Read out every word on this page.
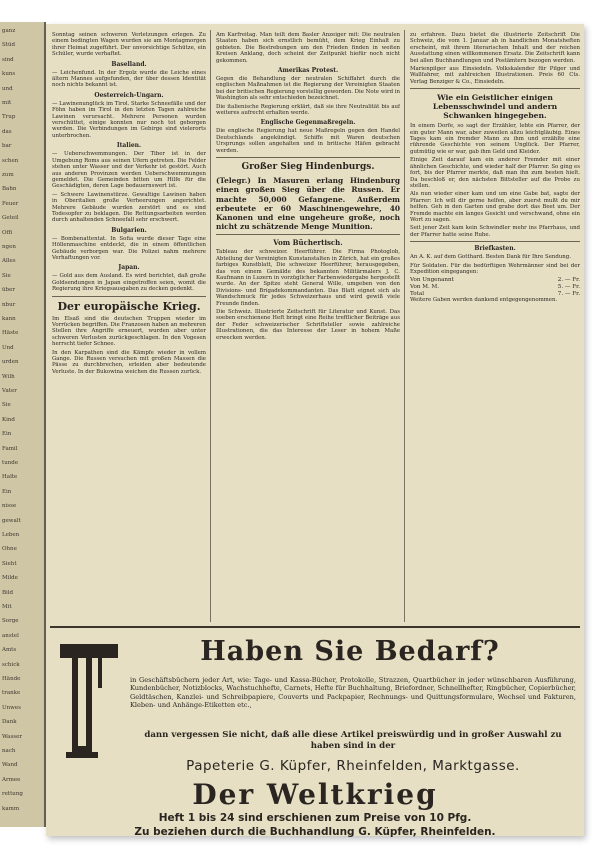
ganz
Stüd
sind
kuns
und
mit
Trup
das
bar
schen
zum
Bahn
Feuer
Geteil
Offi
ngen
Alles
Sie
über
nbur
kann
Häste
Und
urden
Wilh
Vater
Sie
Kind
Ein
Famil
tunde
Halte
Ein
nisse
gewalt
Leben
Ohne
Sieht
Milde
Bild
Mit
Sorge
anstel
Amts
schick
Hände
tranke
Unwes
Dank
Wasser
nach
Wand
Armee
rettung
kamm

Sonntag seinen schweren Verletzungen erlegen. Zu einem bedingten Wagen wurden sie am Montagmorgen ihrer Heimat zugeführt. Der unvorsichtige Schütze, ein Schüler, wurde verhaftet.

Baselland.

— Leichenfund. In der Ergolz wurde die Leiche eines ältern Mannes aufgefunden, der über dessen Identität noch nichts bekannt ist.

Oesterreich-Ungarn.

— Lawinenunglück im Tirol. Starke Schneefälle und der Föhn haben im Tirol in den letzten Tagen zahlreiche Lawinen verursacht. Mehrere Personen wurden verschüttet, einige konnten nur noch tot geborgen werden. Die Verbindungen im Gebirge sind vielerorts unterbrochen.

Italien.

— Ueberschwemmungen. Der Tiber ist in der Umgebung Roms aus seinen Ufern getreten. Die Felder stehen unter Wasser und der Verkehr ist gestört. Auch aus anderen Provinzen werden Ueberschwemmungen gemeldet. Die Gemeinden bitten um Hilfe für die Geschädigten, deren Lage bedauernswert ist.

— Schwere Lawinenstürze. Gewaltige Lawinen haben in Oberitalien große Verheerungen angerichtet. Mehrere Gebäude wurden zerstört und es sind Todesopfer zu beklagen. Die Rettungsarbeiten werden durch anhaltenden Schneefall sehr erschwert.

Bulgarien.

— Bombenattentat. In Sofia wurde dieser Tage eine Höllenmaschine entdeckt, die in einem öffentlichen Gebäude verborgen war. Die Polizei nahm mehrere Verhaftungen vor.

Japan.

— Gold aus dem Ausland. Es wird berichtet, daß große Goldsendungen in Japan eingetroffen seien, womit die Regierung ihre Kriegsausgaben zu decken gedenkt.

Der europäische Krieg.

Im Elsaß sind die deutschen Truppen wieder im Vorrücken begriffen. Die Franzosen haben an mehreren Stellen ihre Angriffe erneuert, wurden aber unter schweren Verlusten zurückgeschlagen. In den Vogesen herrscht tiefer Schnee.

In den Karpathen sind die Kämpfe wieder in vollem Gange. Die Russen versuchen mit großen Massen die Pässe zu durchbrechen, erleiden aber bedeutende Verluste. In der Bukowina weichen die Russen zurück.

Am Karfreitag. Man teilt dem Basler Anzeiger mit: Die neutralen Staaten haben sich ernstlich bemüht, dem Krieg Einhalt zu gebieten. Die Bestrebungen um den Frieden finden in weiten Kreisen Anklang, doch scheint der Zeitpunkt hiefür noch nicht gekommen.

Amerikas Protest.

Gegen die Behandlung der neutralen Schiffahrt durch die englischen Maßnahmen ist die Regierung der Vereinigten Staaten bei der britischen Regierung vorstellig geworden. Die Note wird in Washington als sehr entschieden bezeichnet.

Die italienische Regierung erklärt, daß sie ihre Neutralität bis auf weiteres aufrecht erhalten werde.

Englische Gegenmaßregeln.

Die englische Regierung hat neue Maßregeln gegen den Handel Deutschlands angekündigt. Schiffe mit Waren deutschen Ursprungs sollen angehalten und in britische Häfen gebracht werden.

Großer Sieg Hindenburgs.

(Telegr.) In Masuren erlang Hindenburg einen großen Sieg über die Russen. Er machte 50,000 Gefangene. Außerdem erbeutete er 60 Maschinengewehre, 40 Kanonen und eine ungeheure große, noch nicht zu schätzende Menge Munition.

Vom Büchertisch.

Tableau der schweizer. Heerführer. Die Firma Photoglob, Abteilung der Vereinigten Kunstanstalten in Zürich, hat ein großes farbiges Kunstblatt, Die schweizer Heerführer, herausgegeben, das von einem Gemälde des bekannten Militärmalers J. C. Kaufmann in Luzern in vorzüglicher Farbenwiedergabe hergestellt wurde. An der Spitze steht General Wille, umgeben von den Divisions- und Brigadekommandanten. Das Blatt eignet sich als Wandschmuck für jedes Schweizerhaus und wird gewiß viele Freunde finden.

Die Schweiz. Illustrierte Zeitschrift für Literatur und Kunst. Das soeben erschienene Heft bringt eine Reihe trefflicher Beiträge aus der Feder schweizerischer Schriftsteller sowie zahlreiche Illustrationen, die das Interesse der Leser in hohem Maße erwecken werden.

zu erfahren. Dazu bietet die illustrierte Zeitschrift Die Schweiz, die vom 1. Januar ab in handlichen Monatsheften erscheint, mit ihrem literarischen Inhalt und der reichen Ausstattung einen willkommenen Ersatz. Die Zeitschrift kann bei allen Buchhandlungen und Postämtern bezogen werden.

Marienpilger aus Einsiedeln. Volkskalender für Pilger und Wallfahrer, mit zahlreichen Illustrationen. Preis 60 Cts. Verlag Benziger & Co., Einsiedeln.

Wie ein Geistlicher einigen Lebensschwindel und andern Schwanken hingegeben.

In einem Dorfe, so sagt der Erzähler, lebte ein Pfarrer, der ein guter Mann war, aber zuweilen allzu leichtgläubig. Eines Tages kam ein fremder Mann zu ihm und erzählte eine rührende Geschichte von seinem Unglück. Der Pfarrer, gutmütig wie er war, gab ihm Geld und Kleider.

Einige Zeit darauf kam ein anderer Fremder mit einer ähnlichen Geschichte, und wieder half der Pfarrer. So ging es fort, bis der Pfarrer merkte, daß man ihn zum besten hielt. Da beschloß er, den nächsten Bittsteller auf die Probe zu stellen.

Als nun wieder einer kam und um eine Gabe bat, sagte der Pfarrer: Ich will dir gerne helfen, aber zuerst mußt du mir helfen. Geh in den Garten und grabe dort das Beet um. Der Fremde machte ein langes Gesicht und verschwand, ohne ein Wort zu sagen.

Seit jener Zeit kam kein Schwindler mehr ins Pfarrhaus, und der Pfarrer hatte seine Ruhe.

Briefkasten.

An A. K. auf dem Gotthard. Besten Dank für Ihre Sendung.

Für Soldaten. Für die bedürftigen Wehrmänner sind bei der Expedition eingegangen:

Von Ungenannt	2. — Fr.
Von M. M.	5. — Fr.
Total	7. — Fr.

Weitere Gaben werden dankend entgegengenommen.

Haben Sie Bedarf?
in Geschäftsbüchern jeder Art, wie: Tage- und Kassa-Bücher, Protokolle, Strazzen, Quartbücher in jeder wünschbaren Ausführung, Kundenbücher, Notizblocks, Wachstuchhefte, Carnets, Hefte für Buchhaltung, Briefordner, Schnellhefter, Ringbücher, Copierbücher, Geldtäschen, Kanzlei- und Schreibpapiere, Couverts und Packpapier, Rechnungs- und Quittungsformulare, Wechsel und Fakturen, Kleben- und Anhänge-Etiketten etc.,
dann vergessen Sie nicht, daß alle diese Artikel preiswürdig und in großer Auswahl zu haben sind in der
Papeterie G. Küpfer, Rheinfelden, Marktgasse.
Der Weltkrieg
Heft 1 bis 24 sind erschienen zum Preise von 10 Pfg.
Zu beziehen durch die Buchhandlung G. Küpfer, Rheinfelden.
